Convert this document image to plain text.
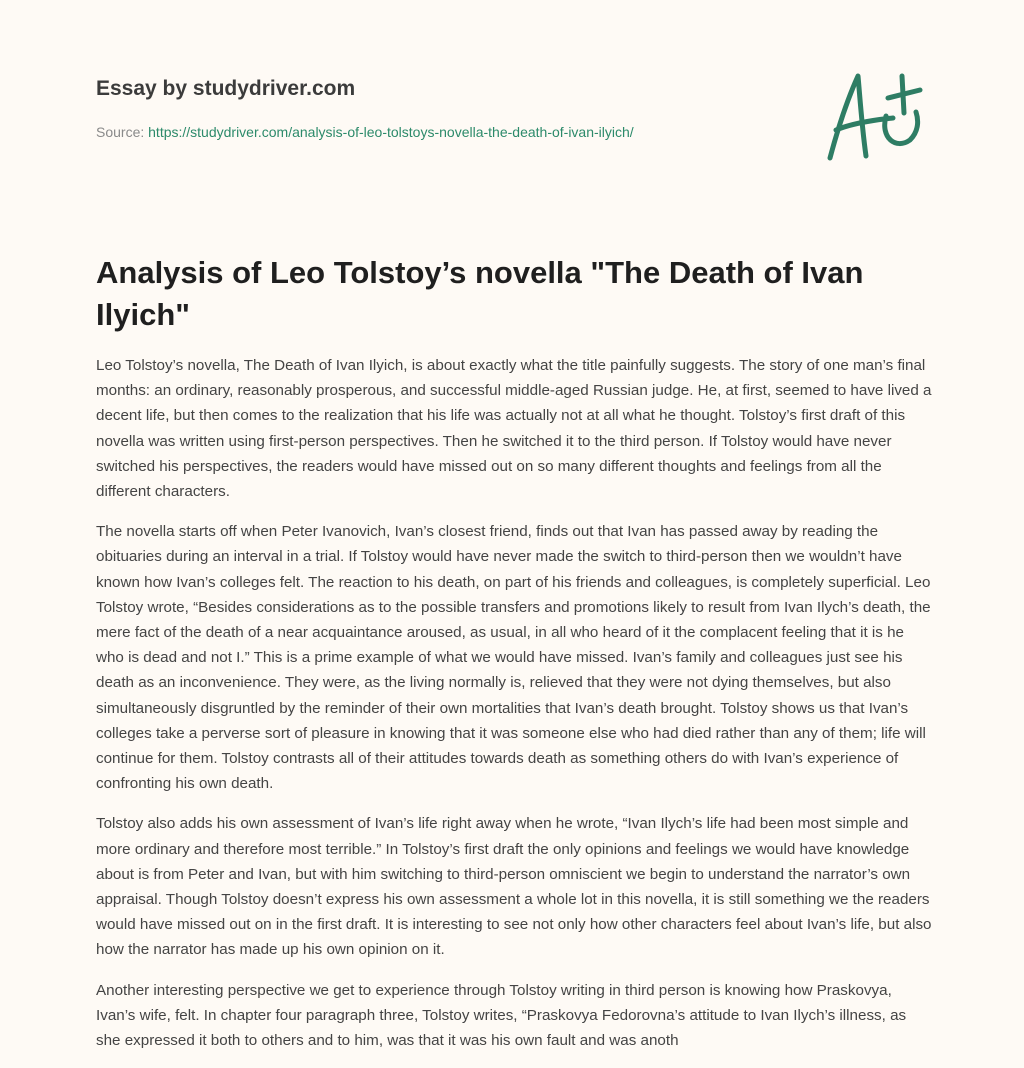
Essay by studydriver.com
Source: https://studydriver.com/analysis-of-leo-tolstoys-novella-the-death-of-ivan-ilyich/
Analysis of Leo Tolstoy’s novella "The Death of Ivan Ilyich"

Leo Tolstoy’s novella, The Death of Ivan Ilyich, is about exactly what the title painfully suggests. The story of one man’s final months: an ordinary, reasonably prosperous, and successful middle-aged Russian judge. He, at first, seemed to have lived a decent life, but then comes to the realization that his life was actually not at all what he thought. Tolstoy’s first draft of this novella was written using first-person perspectives. Then he switched it to the third person. If Tolstoy would have never switched his perspectives, the readers would have missed out on so many different thoughts and feelings from all the different characters.

The novella starts off when Peter Ivanovich, Ivan’s closest friend, finds out that Ivan has passed away by reading the obituaries during an interval in a trial. If Tolstoy would have never made the switch to third-person then we wouldn’t have known how Ivan’s colleges felt. The reaction to his death, on part of his friends and colleagues, is completely superficial. Leo Tolstoy wrote, “Besides considerations as to the possible transfers and promotions likely to result from Ivan Ilych’s death, the mere fact of the death of a near acquaintance aroused, as usual, in all who heard of it the complacent feeling that it is he who is dead and not I.” This is a prime example of what we would have missed. Ivan’s family and colleagues just see his death as an inconvenience. They were, as the living normally is, relieved that they were not dying themselves, but also simultaneously disgruntled by the reminder of their own mortalities that Ivan’s death brought. Tolstoy shows us that Ivan’s colleges take a perverse sort of pleasure in knowing that it was someone else who had died rather than any of them; life will continue for them. Tolstoy contrasts all of their attitudes towards death as something others do with Ivan’s experience of confronting his own death.

Tolstoy also adds his own assessment of Ivan’s life right away when he wrote, “Ivan Ilych’s life had been most simple and more ordinary and therefore most terrible.” In Tolstoy’s first draft the only opinions and feelings we would have knowledge about is from Peter and Ivan, but with him switching to third-person omniscient we begin to understand the narrator’s own appraisal. Though Tolstoy doesn’t express his own assessment a whole lot in this novella, it is still something we the readers would have missed out on in the first draft. It is interesting to see not only how other characters feel about Ivan’s life, but also how the narrator has made up his own opinion on it.

Another interesting perspective we get to experience through Tolstoy writing in third person is knowing how Praskovya, Ivan’s wife, felt. In chapter four paragraph three, Tolstoy writes, “Praskovya Fedorovna’s attitude to Ivan Ilych’s illness, as she expressed it both to others and to him, was that it was his own fault and was anoth
